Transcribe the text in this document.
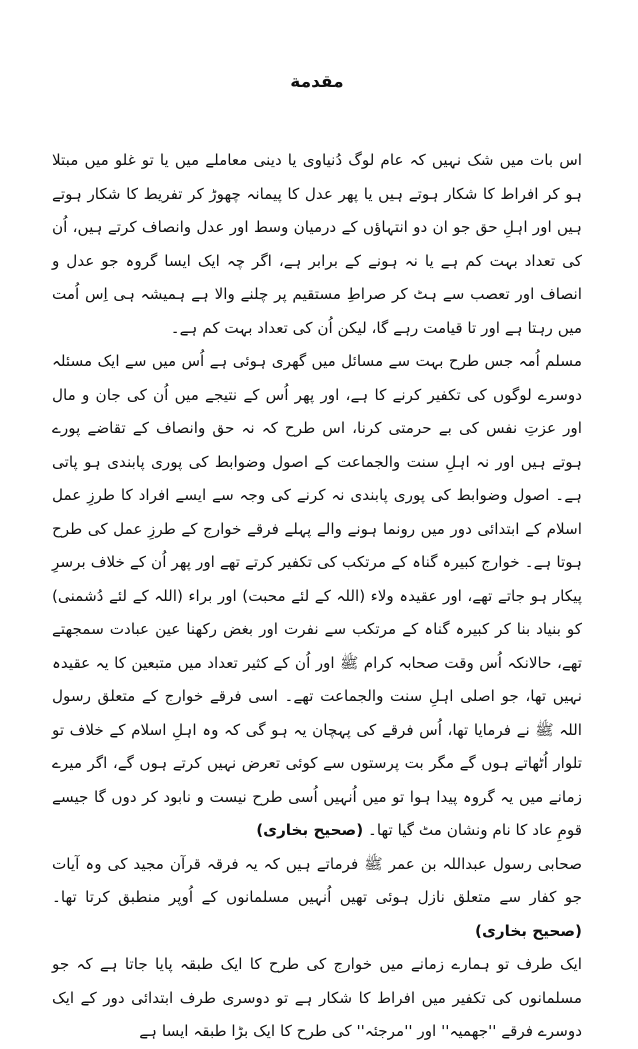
مقدمة

اس بات میں شک نہیں کہ عام لوگ دُنیاوی یا دینی معاملے میں یا تو غلو میں مبتلا ہو کر افراط کا شکار ہوتے ہیں یا پھر عدل کا پیمانہ چھوڑ کر تفریط کا شکار ہوتے ہیں اور اہلِ حق جو ان دو انتہاؤں کے درمیان وسط اور عدل وانصاف کرتے ہیں، اُن کی تعداد بہت کم ہے یا نہ ہونے کے برابر ہے، اگر چہ ایک ایسا گروہ جو عدل و انصاف اور تعصب سے ہٹ کر صراطِ مستقیم پر چلنے والا ہے ہمیشہ ہی اِس اُمت میں رہتا ہے اور تا قیامت رہے گا، لیکن اُن کی تعداد بہت کم ہے۔

مسلم اُمہ جس طرح بہت سے مسائل میں گھری ہوئی ہے اُس میں سے ایک مسئلہ دوسرے لوگوں کی تکفیر کرنے کا ہے، اور پھر اُس کے نتیجے میں اُن کی جان و مال اور عزتِ نفس کی بے حرمتی کرنا، اس طرح کہ نہ حق وانصاف کے تقاضے پورے ہوتے ہیں اور نہ اہلِ سنت والجماعت کے اصول وضوابط کی پوری پابندی ہو پاتی ہے۔ اصول وضوابط کی پوری پابندی نہ کرنے کی وجہ سے ایسے افراد کا طرزِ عمل اسلام کے ابتدائی دور میں رونما ہونے والے پہلے فرقے خوارج کے طرزِ عمل کی طرح ہوتا ہے۔ خوارج کبیرہ گناہ کے مرتکب کی تکفیر کرتے تھے اور پھر اُن کے خلاف برسرِ پیکار ہو جاتے تھے، اور عقیدہ ولاء (اللہ کے لئے محبت) اور براء (اللہ کے لئے دُشمنی) کو بنیاد بنا کر کبیرہ گناہ کے مرتکب سے نفرت اور بغض رکھنا عین عبادت سمجھتے تھے، حالانکہ اُس وقت صحابہ کرام ﷺ اور اُن کے کثیر تعداد میں متبعین کا یہ عقیدہ نہیں تھا، جو اصلی اہلِ سنت والجماعت تھے۔ اسی فرقے خوارج کے متعلق رسول اللہ ﷺ نے فرمایا تھا، اُس فرقے کی پہچان یہ ہو گی کہ وہ اہلِ اسلام کے خلاف تو تلوار اُٹھاتے ہوں گے مگر بت پرستوں سے کوئی تعرض نہیں کرتے ہوں گے، اگر میرے زمانے میں یہ گروہ پیدا ہوا تو میں اُنہیں اُسی طرح نیست و نابود کر دوں گا جیسے قومِ عاد کا نام ونشان مٹ گیا تھا۔ (صحیح بخاری)

صحابی رسول عبداللہ بن عمر ﷺ فرماتے ہیں کہ یہ فرقہ قرآن مجید کی وہ آیات جو کفار سے متعلق نازل ہوئی تھیں اُنہیں مسلمانوں کے اُوپر منطبق کرتا تھا۔ (صحیح بخاری)

ایک طرف تو ہمارے زمانے میں خوارج کی طرح کا ایک طبقہ پایا جاتا ہے کہ جو مسلمانوں کی تکفیر میں افراط کا شکار ہے تو دوسری طرف ابتدائی دور کے ایک دوسرے فرقے ''جھمیہ'' اور ''مرجئہ'' کی طرح کا ایک بڑا طبقہ ایسا ہے
